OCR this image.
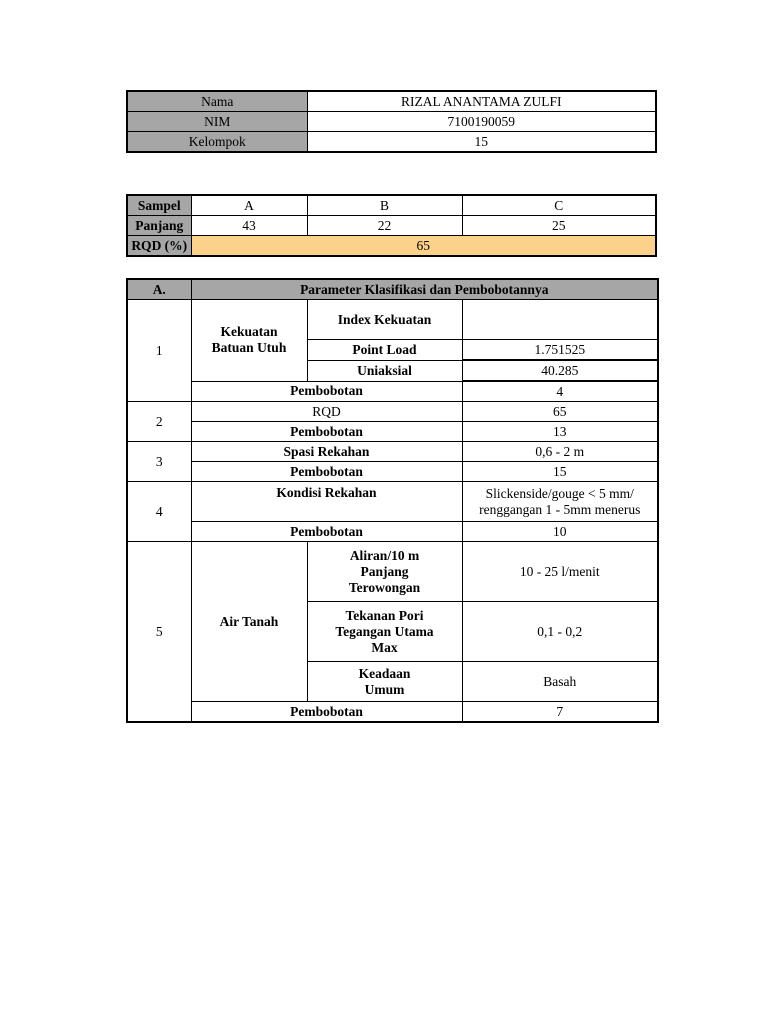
Nama	RIZAL ANANTAMA ZULFI
NIM	7100190059
Kelompok	15
Sampel	A	B	C
Panjang	43	22	25
RQD (%)	65		
A.	Parameter Klasifikasi dan Pembobotannya		
1	Kekuatan Batuan Utuh	Index Kekuatan	
		Point Load	1.751525
		Uniaksial	40.285
	Pembobotan		4
2	RQD		65
	Pembobotan		13
3	Spasi Rekahan		0,6 - 2 m
	Pembobotan		15
4	Kondisi Rekahan		Slickenside/gouge < 5 mm/ renggangan 1 - 5mm menerus
	Pembobotan		10
5	Air Tanah	Aliran/10 m Panjang Terowongan	10 - 25 l/menit
		Tekanan Pori Tegangan Utama Max	0,1 - 0,2
		Keadaan Umum	Basah
	Pembobotan		7
